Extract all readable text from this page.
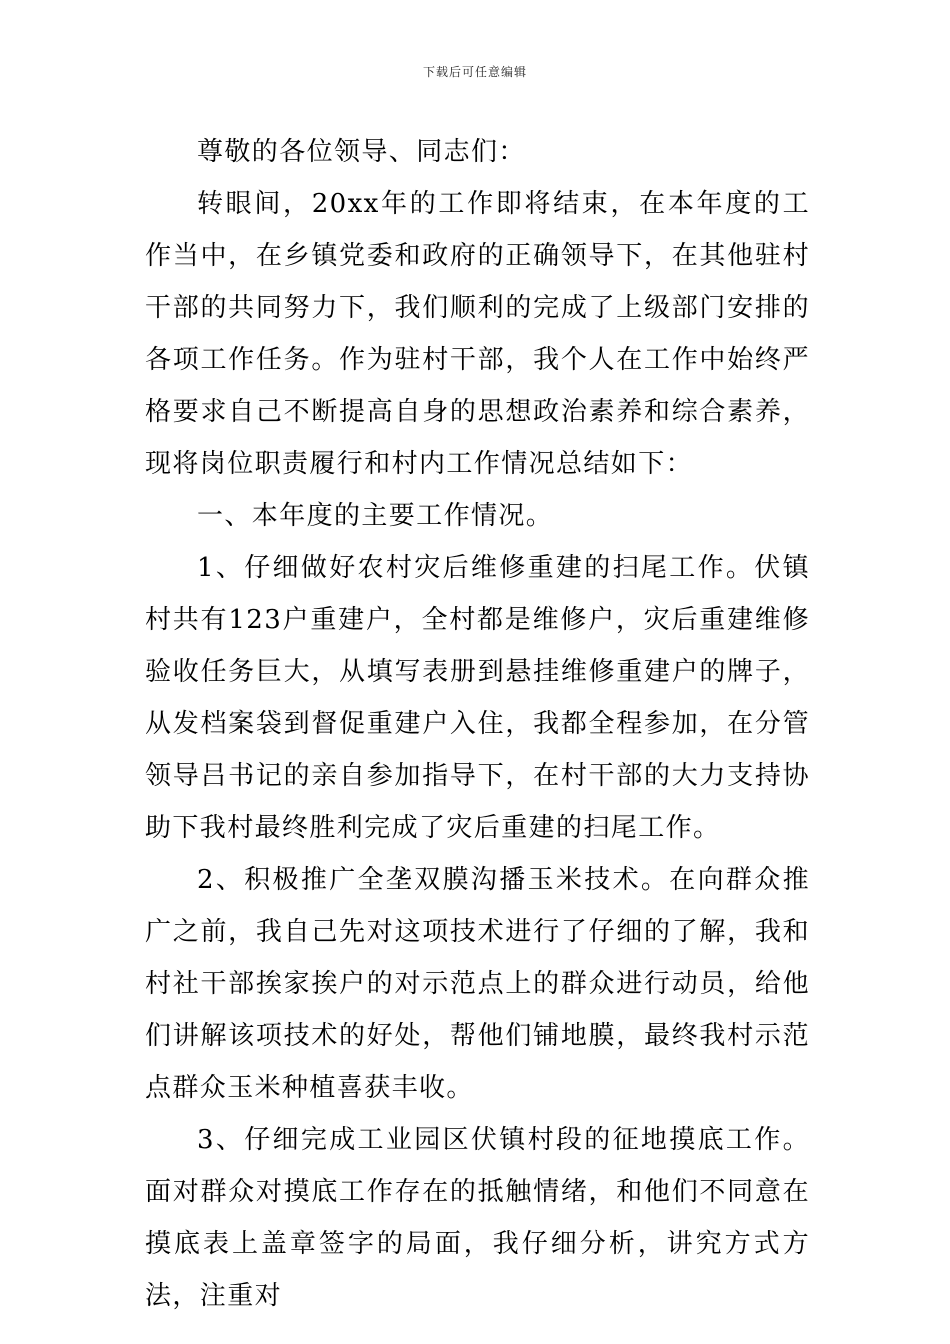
下载后可任意编辑

尊敬的各位领导、同志们：

转眼间，20xx年的工作即将结束，在本年度的工作当中，在乡镇党委和政府的正确领导下，在其他驻村干部的共同努力下，我们顺利的完成了上级部门安排的各项工作任务。作为驻村干部，我个人在工作中始终严格要求自己不断提高自身的思想政治素养和综合素养，现将岗位职责履行和村内工作情况总结如下：

一、本年度的主要工作情况。

1、仔细做好农村灾后维修重建的扫尾工作。伏镇村共有123户重建户，全村都是维修户，灾后重建维修验收任务巨大，从填写表册到悬挂维修重建户的牌子，从发档案袋到督促重建户入住，我都全程参加，在分管领导吕书记的亲自参加指导下，在村干部的大力支持协助下我村最终胜利完成了灾后重建的扫尾工作。

2、积极推广全垄双膜沟播玉米技术。在向群众推广之前，我自己先对这项技术进行了仔细的了解，我和村社干部挨家挨户的对示范点上的群众进行动员，给他们讲解该项技术的好处，帮他们铺地膜，最终我村示范点群众玉米种植喜获丰收。

3、仔细完成工业园区伏镇村段的征地摸底工作。面对群众对摸底工作存在的抵触情绪，和他们不同意在摸底表上盖章签字的局面，我仔细分析，讲究方式方法，注重对
